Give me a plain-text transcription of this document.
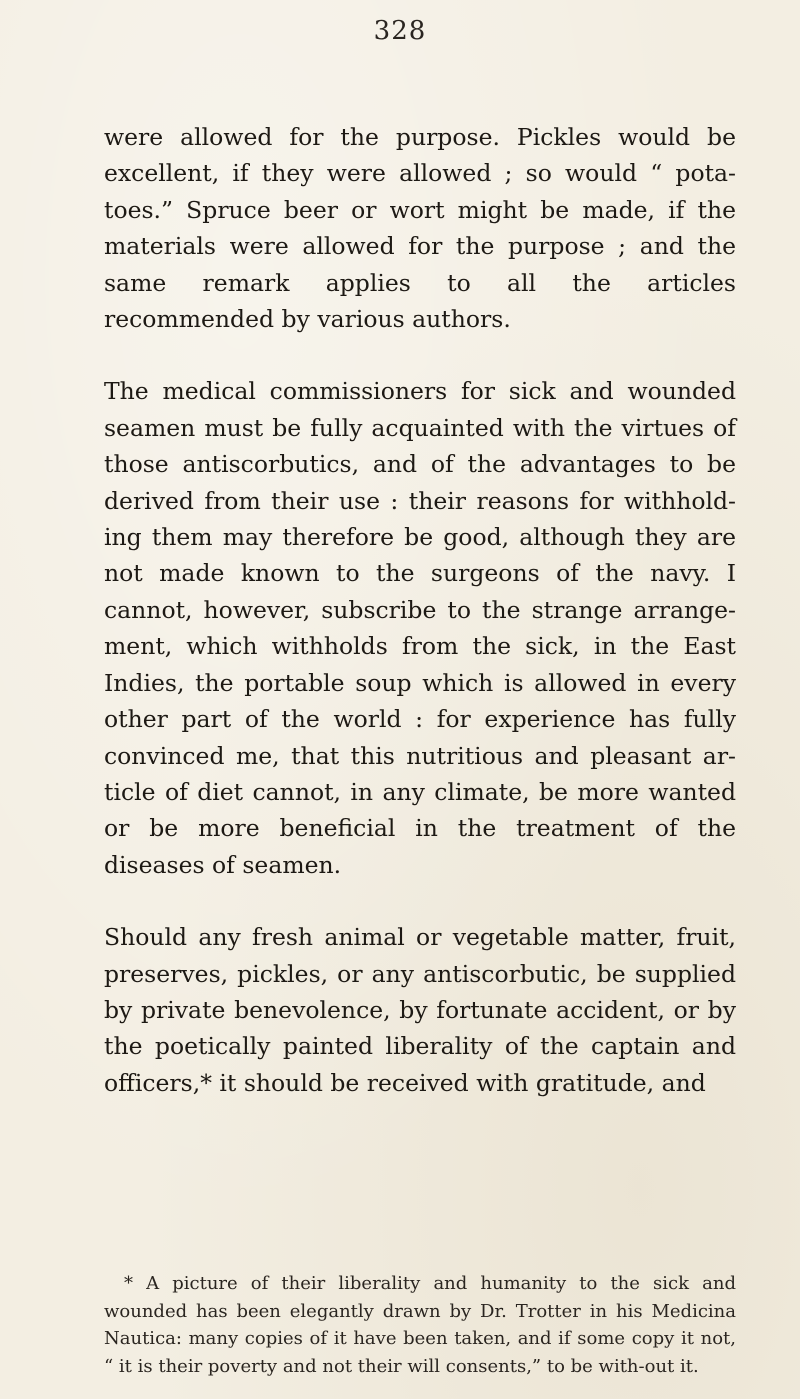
328

were allowed for the purpose. Pickles would be excellent, if they were allowed ; so would “ pota-toes.” Spruce beer or wort might be made, if the materials were allowed for the purpose ; and the same remark applies to all the articles recommended by various authors.

The medical commissioners for sick and wounded seamen must be fully acquainted with the virtues of those antiscorbutics, and of the advantages to be derived from their use : their reasons for withhold-ing them may therefore be good, although they are not made known to the surgeons of the navy. I cannot, however, subscribe to the strange arrange-ment, which withholds from the sick, in the East Indies, the portable soup which is allowed in every other part of the world : for experience has fully convinced me, that this nutritious and pleasant ar-ticle of diet cannot, in any climate, be more wanted or be more beneficial in the treatment of the diseases of seamen.

Should any fresh animal or vegetable matter, fruit, preserves, pickles, or any antiscorbutic, be supplied by private benevolence, by fortunate accident, or by the poetically painted liberality of the captain and officers,* it should be received with gratitude, and

* A picture of their liberality and humanity to the sick and wounded has been elegantly drawn by Dr. Trotter in his Medicina Nautica: many copies of it have been taken, and if some copy it not, “ it is their poverty and not their will consents,” to be with-out it.
